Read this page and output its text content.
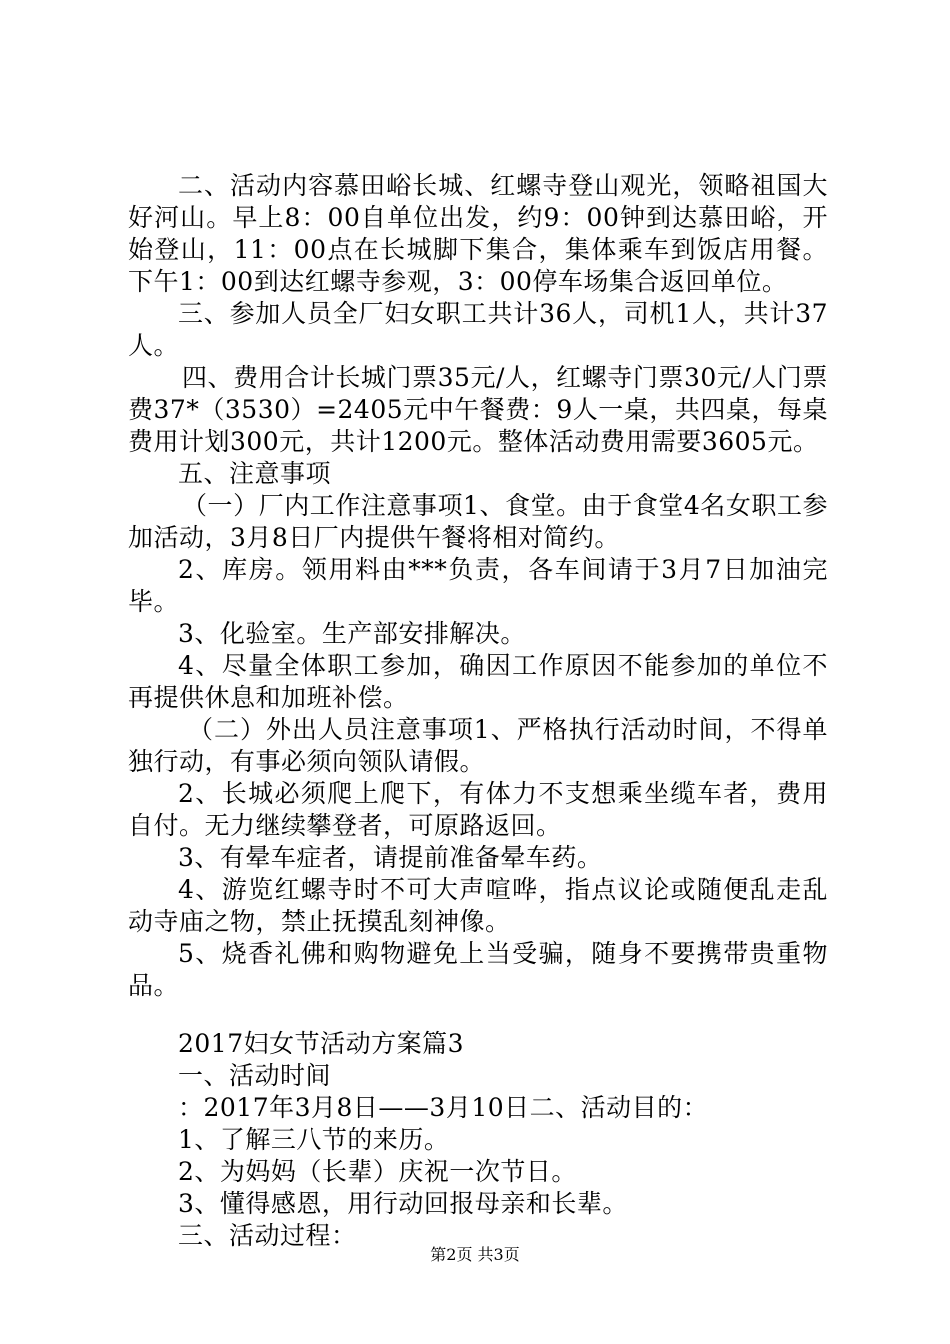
二、活动内容慕田峪长城、红螺寺登山观光，领略祖国大好河山。早上8：00自单位出发，约9：00钟到达慕田峪，开始登山，11：00点在长城脚下集合，集体乘车到饭店用餐。下午1：00到达红螺寺参观，3：00停车场集合返回单位。

三、参加人员全厂妇女职工共计36人，司机1人，共计37人。

四、费用合计长城门票35元/人，红螺寺门票30元/人门票费37*（3530）=2405元中午餐费：9人一桌，共四桌，每桌费用计划300元，共计1200元。整体活动费用需要3605元。

五、注意事项

（一）厂内工作注意事项1、食堂。由于食堂4名女职工参加活动，3月8日厂内提供午餐将相对简约。

2、库房。领用料由***负责，各车间请于3月7日加油完毕。

3、化验室。生产部安排解决。

4、尽量全体职工参加，确因工作原因不能参加的单位不再提供休息和加班补偿。

（二）外出人员注意事项1、严格执行活动时间，不得单独行动，有事必须向领队请假。

2、长城必须爬上爬下，有体力不支想乘坐缆车者，费用自付。无力继续攀登者，可原路返回。

3、有晕车症者，请提前准备晕车药。

4、游览红螺寺时不可大声喧哗，指点议论或随便乱走乱动寺庙之物，禁止抚摸乱刻神像。

5、烧香礼佛和购物避免上当受骗，随身不要携带贵重物品。

2017妇女节活动方案篇3

一、活动时间

：2017年3月8日——3月10日二、活动目的：

1、了解三八节的来历。

2、为妈妈（长辈）庆祝一次节日。

3、懂得感恩，用行动回报母亲和长辈。

三、活动过程：

第2页 共3页
